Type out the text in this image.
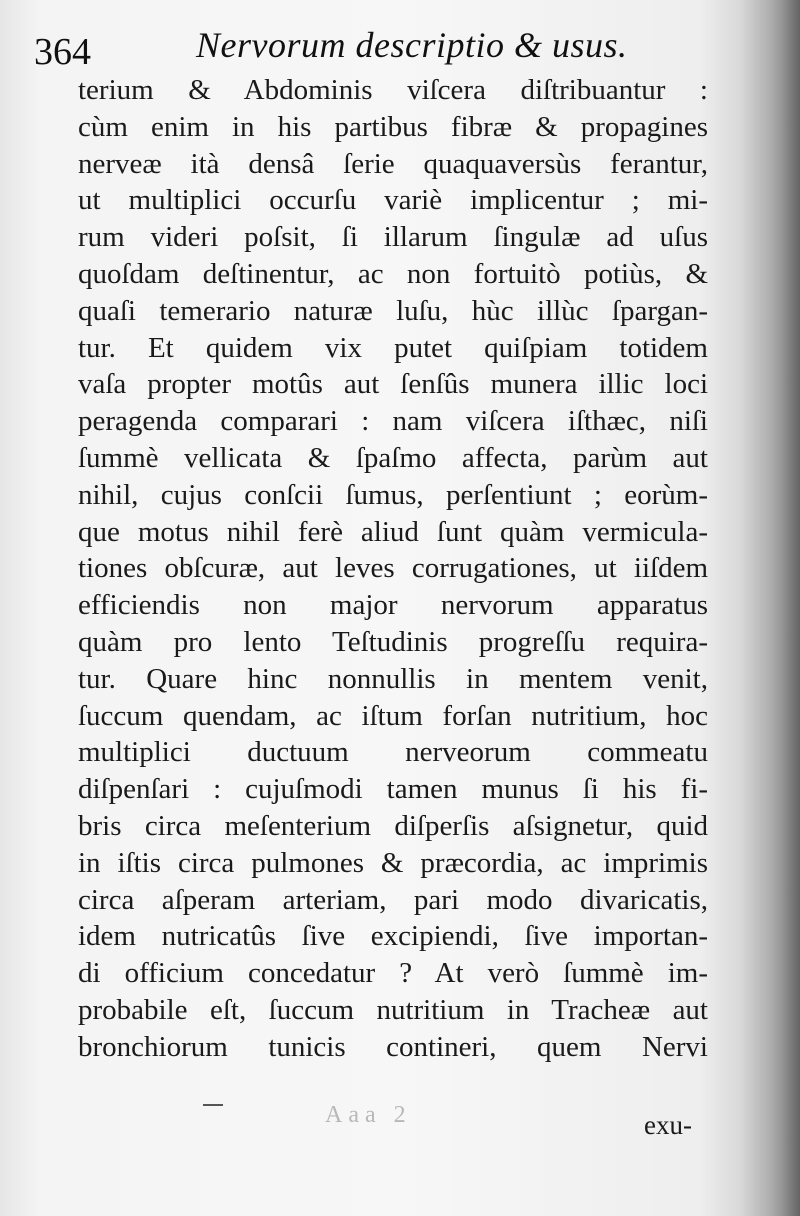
364	Nervorum descriptio & usus.
terium & Abdominis viſcera diſtribuantur :
cùm enim in his partibus fibræ & propagines
nerveæ ità densâ ſerie quaquaversùs ferantur,
ut multiplici occurſu variè implicentur ; mi-
rum videri poſsit, ſi illarum ſingulæ ad uſus
quoſdam deſtinentur, ac non fortuitò potiùs, &
quaſi temerario naturæ luſu, hùc illùc ſpargan-
tur. Et quidem vix putet quiſpiam totidem
vaſa propter motûs aut ſenſûs munera illic loci
peragenda comparari : nam viſcera iſthæc, niſi
ſummè vellicata & ſpaſmo affecta, parùm aut
nihil, cujus conſcii ſumus, perſentiunt ; eorùm-
que motus nihil ferè aliud ſunt quàm vermicula-
tiones obſcuræ, aut leves corrugationes, ut iiſdem
efficiendis non major nervorum apparatus
quàm pro lento Teſtudinis progreſſu requira-
tur. Quare hinc nonnullis in mentem venit,
ſuccum quendam, ac iſtum forſan nutritium, hoc
multiplici ductuum nerveorum commeatu
diſpenſari : cujuſmodi tamen munus ſi his fi-
bris circa meſenterium diſperſis aſsignetur, quid
in iſtis circa pulmones & præcordia, ac imprimis
circa aſperam arteriam, pari modo divaricatis,
idem nutricatûs ſive excipiendi, ſive importan-
di officium concedatur ? At verò ſummè im-
probabile eſt, ſuccum nutritium in Tracheæ aut
bronchiorum tunicis contineri, quem Nervi
Aaa 2	exu-
